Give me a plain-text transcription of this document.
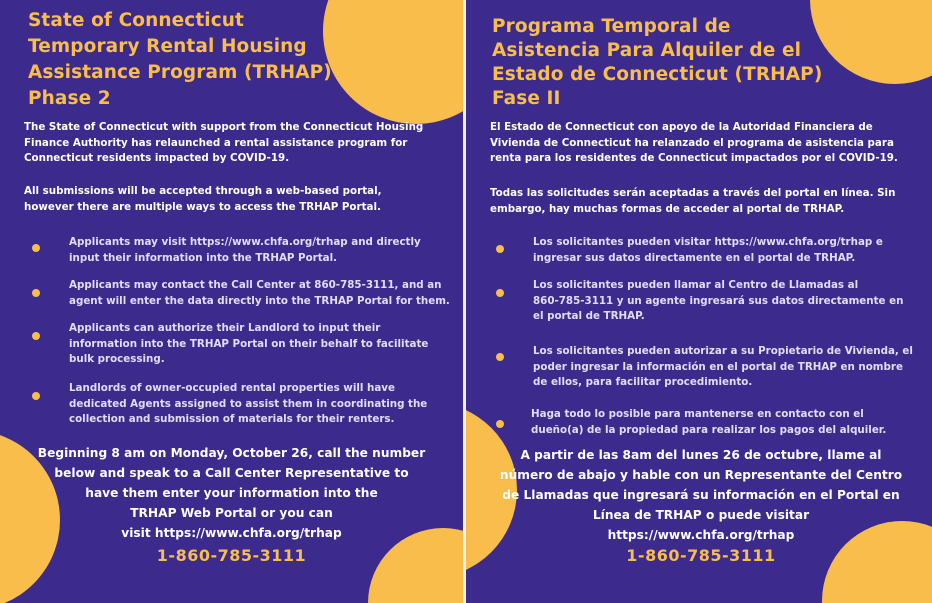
State of Connecticut
Temporary Rental Housing
Assistance Program (TRHAP)
Phase 2
The State of Connecticut with support from the Connecticut Housing
Finance Authority has relaunched a rental assistance program for
Connecticut residents impacted by COVID-19.
All submissions will be accepted through a web-based portal,
however there are multiple ways to access the TRHAP Portal.
Applicants may visit https://www.chfa.org/trhap and directly
input their information into the TRHAP Portal.
Applicants may contact the Call Center at 860-785-3111, and an
agent will enter the data directly into the TRHAP Portal for them.
Applicants can authorize their Landlord to input their
information into the TRHAP Portal on their behalf to facilitate
bulk processing.
Landlords of owner-occupied rental properties will have
dedicated Agents assigned to assist them in coordinating the
collection and submission of materials for their renters.
Beginning 8 am on Monday, October 26, call the number
below and speak to a Call Center Representative to
have them enter your information into the
TRHAP Web Portal or you can
visit https://www.chfa.org/trhap
1-860-785-3111
Programa Temporal de
Asistencia Para Alquiler de el
Estado de Connecticut (TRHAP)
Fase II
El Estado de Connecticut con apoyo de la Autoridad Financiera de
Vivienda de Connecticut ha relanzado el programa de asistencia para
renta para los residentes de Connecticut impactados por el COVID-19.
Todas las solicitudes serán aceptadas a través del portal en línea. Sin
embargo, hay muchas formas de acceder al portal de TRHAP.
Los solicitantes pueden visitar https://www.chfa.org/trhap e
ingresar sus datos directamente en el portal de TRHAP.
Los solicitantes pueden llamar al Centro de Llamadas al
860-785-3111 y un agente ingresará sus datos directamente en
el portal de TRHAP.
Los solicitantes pueden autorizar a su Propietario de Vivienda, el
poder ingresar la información en el portal de TRHAP en nombre
de ellos, para facilitar procedimiento.
Haga todo lo posible para mantenerse en contacto con el
dueño(a) de la propiedad para realizar los pagos del alquiler.
A partir de las 8am del lunes 26 de octubre, llame al
número de abajo y hable con un Representante del Centro
de Llamadas que ingresará su información en el Portal en
Línea de TRHAP o puede visitar
https://www.chfa.org/trhap
1-860-785-3111
